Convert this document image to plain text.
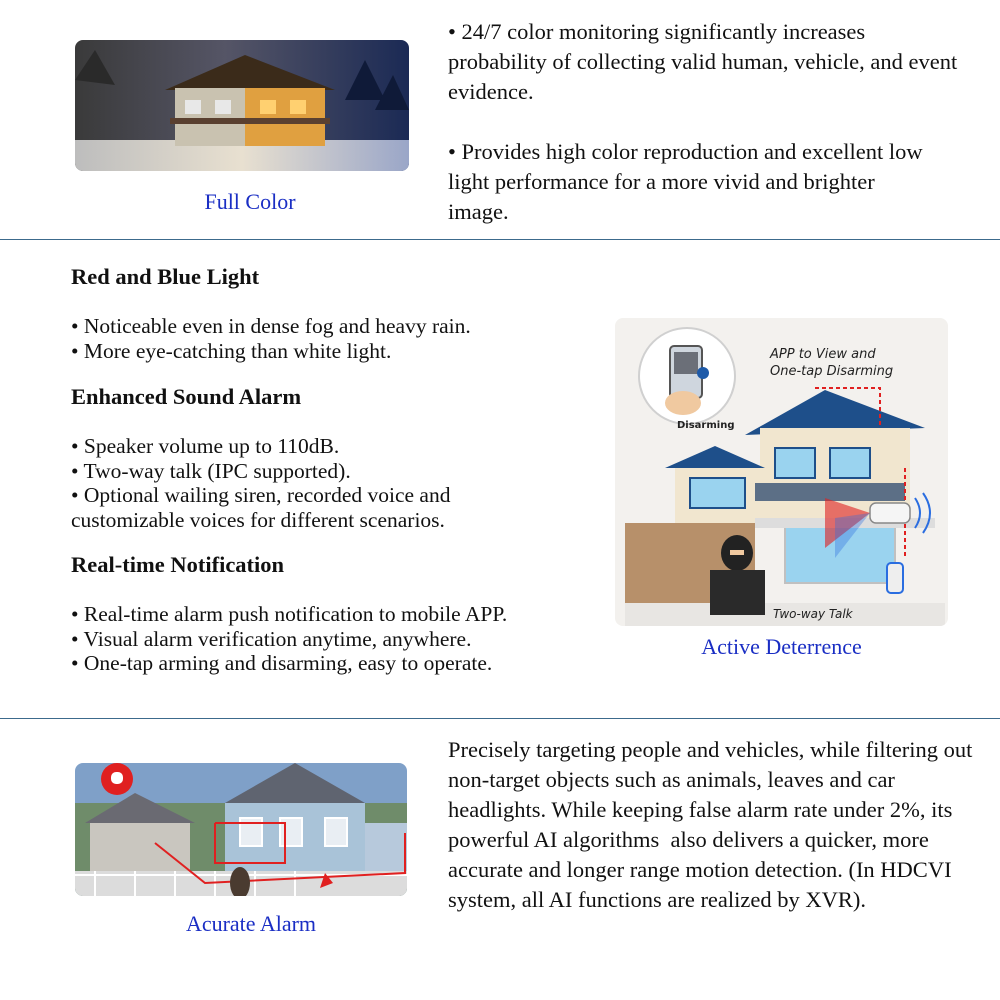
Full Color
• 24/7 color monitoring significantly increases probability of collecting valid human, vehicle, and event evidence.
• Provides high color reproduction and excellent low light performance for a more vivid and brighter image.
Red and Blue Light
• Noticeable even in dense fog and heavy rain.
• More eye-catching than white light.
Enhanced Sound Alarm
• Speaker volume up to 110dB.
• Two-way talk (IPC supported).
• Optional wailing siren, recorded voice and customizable voices for different scenarios.
Real-time Notification
• Real-time alarm push notification to mobile APP.
• Visual alarm verification anytime, anywhere.
• One-tap arming and disarming, easy to operate.
Disarming
APP to View and
One-tap Disarming
Two-way Talk
Active Deterrence
Acurate Alarm
Precisely targeting people and vehicles, while filtering out non-target objects such as animals, leaves and car headlights. While keeping false alarm rate under 2%, its powerful AI algorithms  also delivers a quicker, more accurate and longer range motion detection. (In HDCVI system, all AI functions are realized by XVR).
